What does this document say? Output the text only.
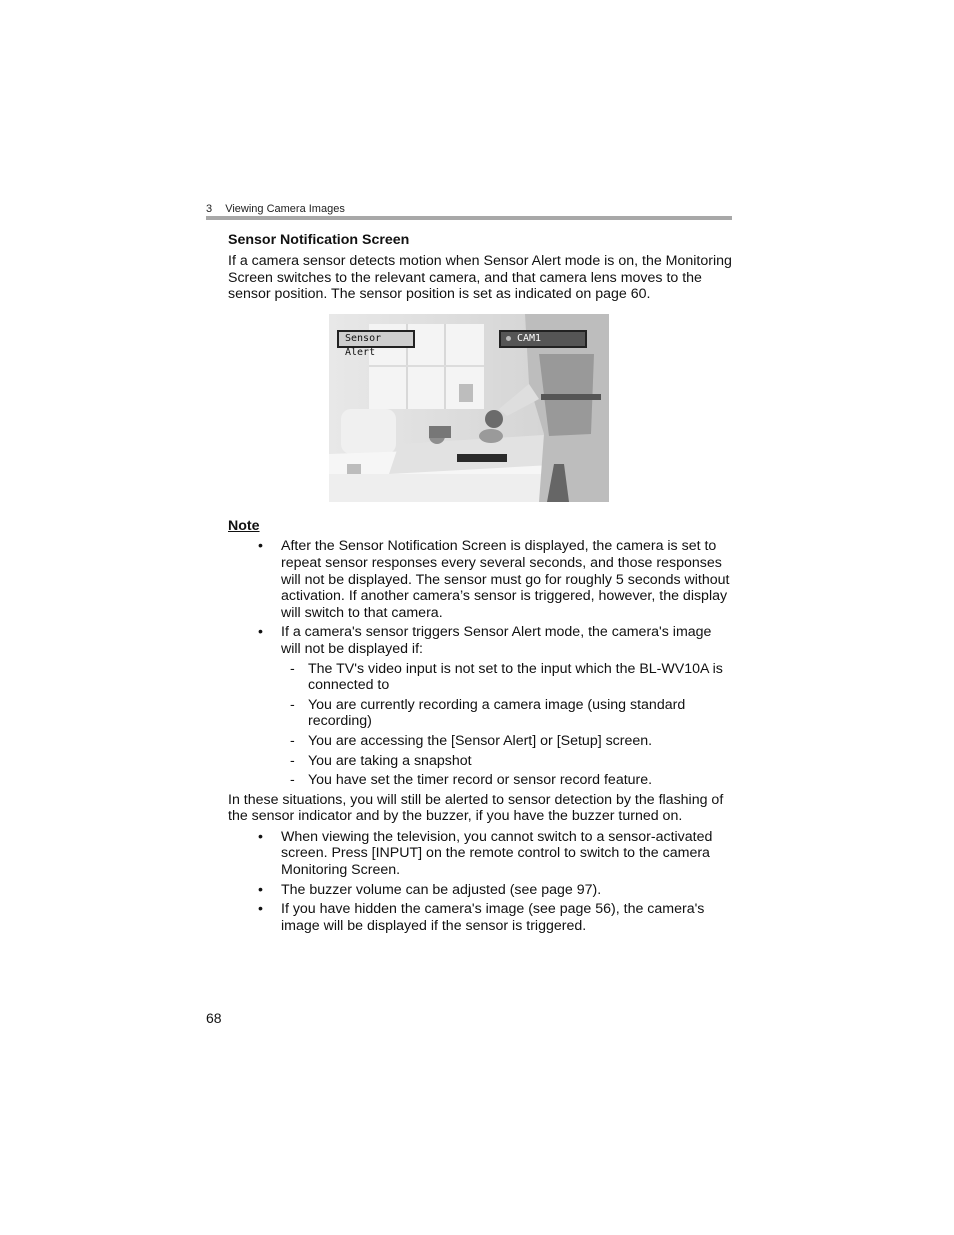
3 Viewing Camera Images
Sensor Notification Screen

If a camera sensor detects motion when Sensor Alert mode is on, the Monitoring Screen switches to the relevant camera, and that camera lens moves to the sensor position. The sensor position is set as indicated on page 60.

Sensor Alert
CAM1
Note
• After the Sensor Notification Screen is displayed, the camera is set to repeat sensor responses every several seconds, and those responses will not be displayed. The sensor must go for roughly 5 seconds without activation. If another camera’s sensor is triggered, however, the display will switch to that camera.
• If a camera's sensor triggers Sensor Alert mode, the camera's image will not be displayed if:
- The TV's video input is not set to the input which the BL-WV10A is connected to
- You are currently recording a camera image (using standard recording)
- You are accessing the [Sensor Alert] or [Setup] screen.
- You are taking a snapshot
- You have set the timer record or sensor record feature.

In these situations, you will still be alerted to sensor detection by the flashing of the sensor indicator and by the buzzer, if you have the buzzer turned on.

• When viewing the television, you cannot switch to a sensor-activated screen. Press [INPUT] on the remote control to switch to the camera Monitoring Screen.
• The buzzer volume can be adjusted (see page 97).
• If you have hidden the camera's image (see page 56), the camera's image will be displayed if the sensor is triggered.
68
